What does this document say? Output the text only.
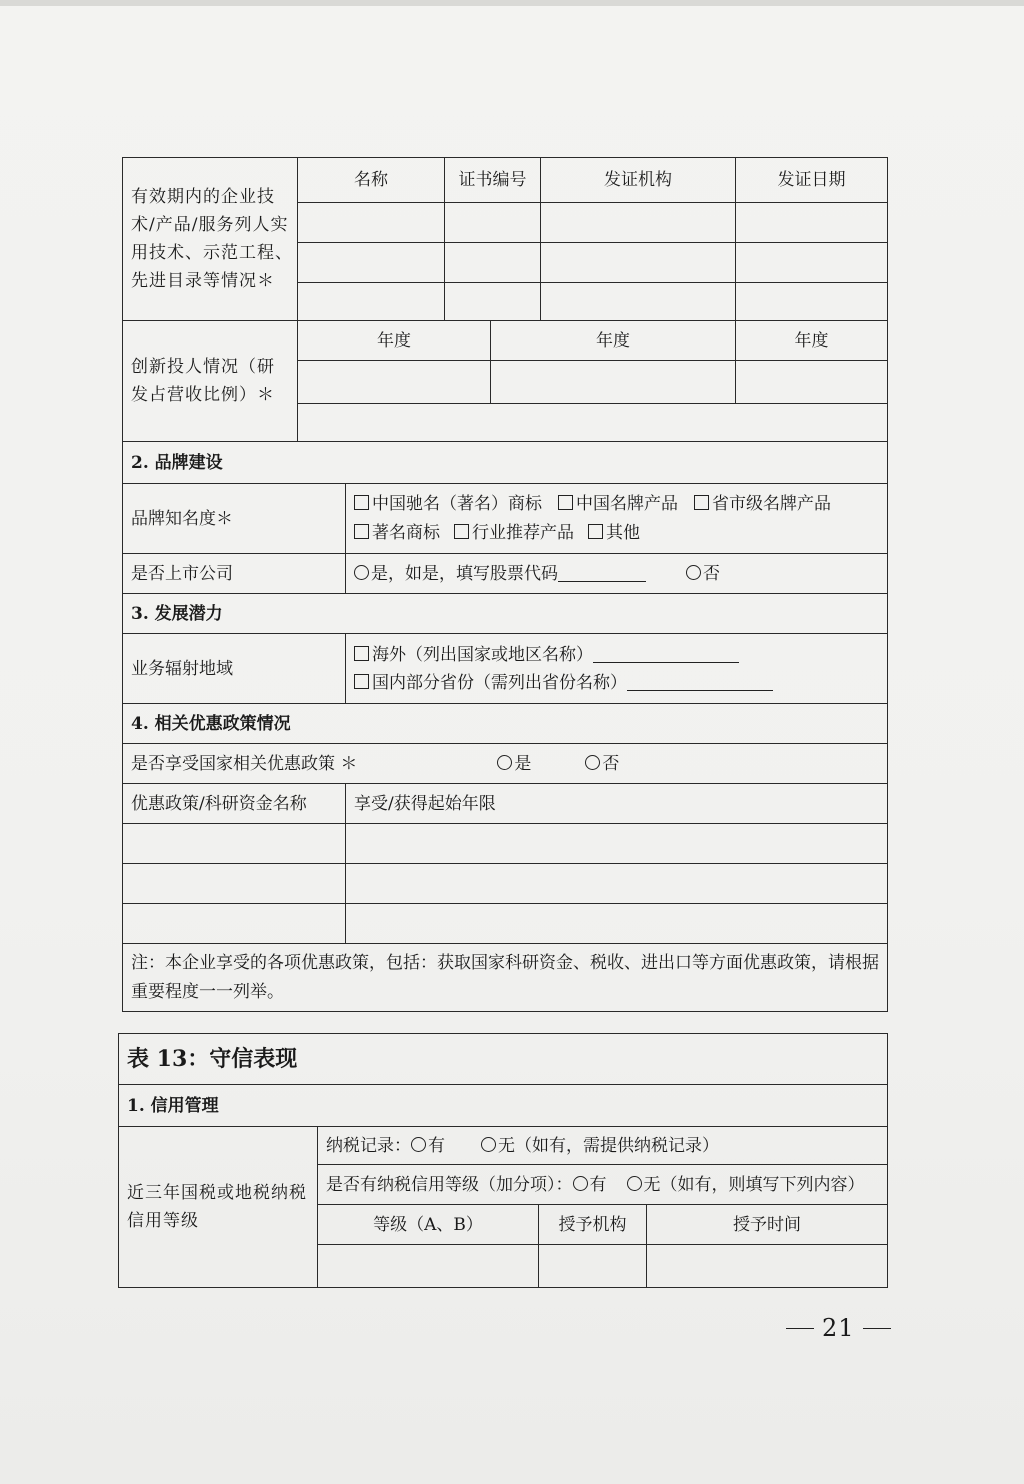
有效期内的企业技术/产品/服务列人实用技术、示范工程、先进目录等情况＊	名称		证书编号		发证机构	发证日期

创新投人情况（研发占营收比例）＊	年度			年度		年度

2. 品牌建设						
品牌知名度＊		中国驰名（著名）商标 中国名牌产品 省市级名牌产品
著名商标 行业推荐产品 其他				
是否上市公司		是，如是，填写股票代码 否				
3. 发展潜力						
业务辐射地域		海外（列出国家或地区名称）
国内部分省份（需列出省份名称）				
4. 相关优惠政策情况						
是否享受国家相关优惠政策 ＊ 是 否						
优惠政策/科研资金名称		享受/获得起始年限				

注：本企业享受的各项优惠政策，包括：获取国家科研资金、税收、进出口等方面优惠政策，请根据重要程度一一列举。						
表 13：守信表现			
1. 信用管理			
近三年国税或地税纳税信用等级	纳税记录： 有 无（如有，需提供纳税记录）		
	是否有纳税信用等级（加分项）： 有 无（如有，则填写下列内容）		
	等级（A、B）	授予机构	授予时间

21
